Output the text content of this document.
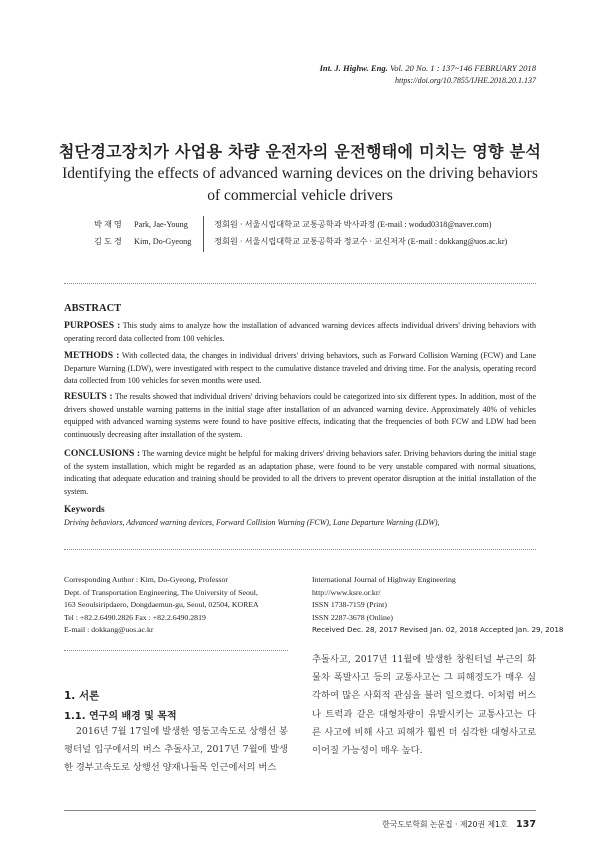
Int. J. Highw. Eng. Vol. 20 No. 1 : 137~146 FEBRUARY 2018
https://doi.org/10.7855/IJHE.2018.20.1.137
첨단경고장치가 사업용 차량 운전자의 운전행태에 미치는 영향 분석
Identifying the effects of advanced warning devices on the driving behaviors of commercial vehicle drivers
박 재 영 Park, Jae-Young	정회원 · 서울시립대학교 교통공학과 박사과정 (E-mail : wodud0318@naver.com)
김 도 경 Kim, Do-Gyeong	정회원 · 서울시립대학교 교통공학과 정교수 · 교신저자 (E-mail : dokkang@uos.ac.kr)
ABSTRACT
PURPOSES : This study aims to analyze how the installation of advanced warning devices affects individual drivers' driving behaviors with operating record data collected from 100 vehicles.
METHODS : With collected data, the changes in individual drivers' driving behaviors, such as Forward Collision Warning (FCW) and Lane Departure Warning (LDW), were investigated with respect to the cumulative distance traveled and driving time. For the analysis, operating record data collected from 100 vehicles for seven months were used.
RESULTS : The results showed that individual drivers' driving behaviors could be categorized into six different types. In addition, most of the drivers showed unstable warning patterns in the initial stage after installation of an advanced warning device. Approximately 40% of vehicles equipped with advanced warning systems were found to have positive effects, indicating that the frequencies of both FCW and LDW had been continuously decreasing after installation of the system.
CONCLUSIONS : The warning device might be helpful for making drivers' driving behaviors safer. Driving behaviors during the initial stage of the system installation, which might be regarded as an adaptation phase, were found to be very unstable compared with normal situations, indicating that adequate education and training should be provided to all the drivers to prevent operator disruption at the initial installation of the system.
Keywords
Driving behaviors, Advanced warning devices, Forward Collision Warning (FCW), Lane Departure Warning (LDW),
Corresponding Author : Kim, Do-Gyeong, Professor
Dept. of Transportation Engineering, The University of Seoul,
163 Seoulsiripdaero, Dongdaemun-gu, Seoul, 02504, KOREA
Tel : +82.2.6490.2826 Fax : +82.2.6490.2819
E-mail : dokkang@uos.ac.kr
International Journal of Highway Engineering
http://www.ksre.or.kr/
ISSN 1738-7159 (Print)
ISSN 2287-3678 (Online)
Received Dec. 28, 2017 Revised Jan. 02, 2018 Accepted Jan. 29, 2018
1. 서론
1.1. 연구의 배경 및 목적
2016년 7월 17일에 발생한 영동고속도로 상행선 봉평터널 입구에서의 버스 추돌사고, 2017년 7월에 발생한 경부고속도로 상행선 양재나들목 인근에서의 버스
추돌사고, 2017년 11월에 발생한 창원터널 부근의 화물차 폭발사고 등의 교통사고는 그 피해정도가 매우 심각하여 많은 사회적 관심을 불러 일으켰다. 이처럼 버스나 트럭과 같은 대형차량이 유발시키는 교통사고는 다른 사고에 비해 사고 피해가 훨씬 더 심각한 대형사고로 이어질 가능성이 매우 높다.
한국도로학회 논문집 · 제20권 제1호 137
